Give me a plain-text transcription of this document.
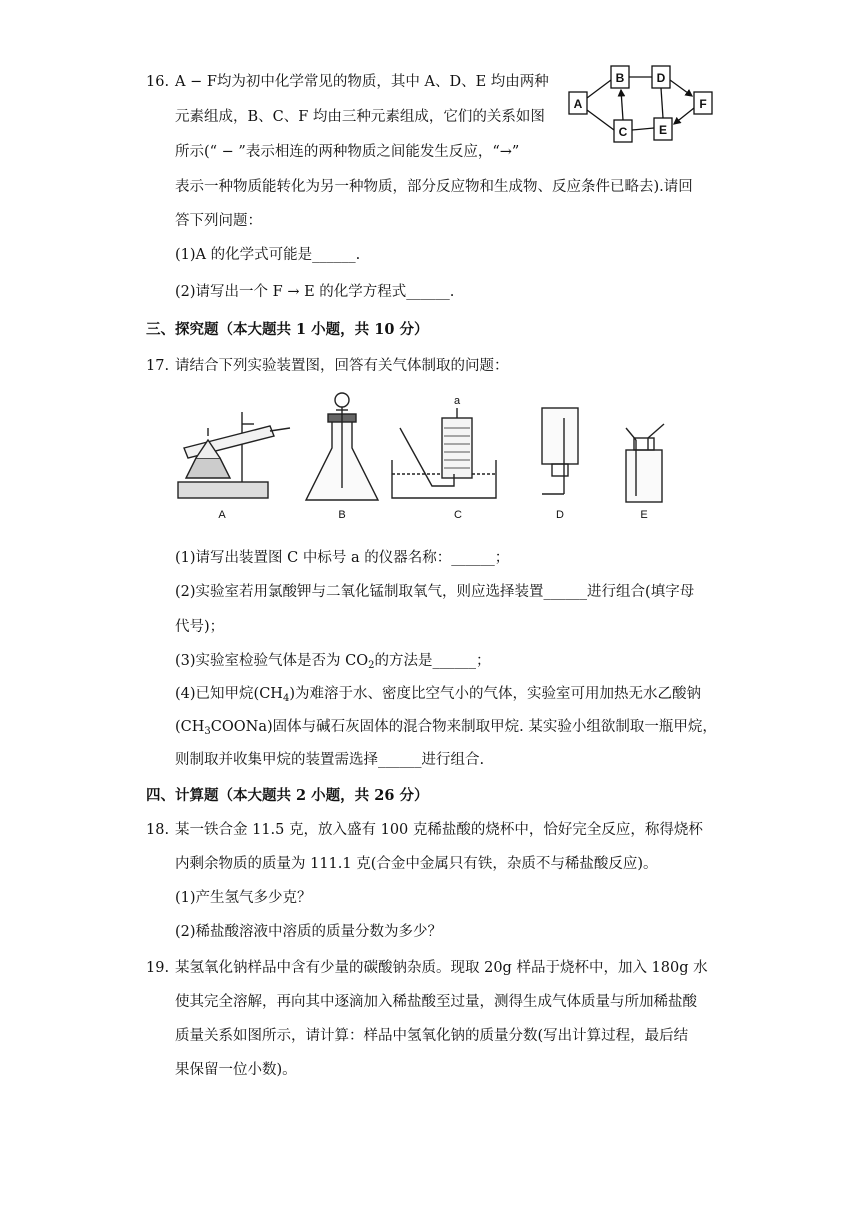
16. A − F均为初中化学常见的物质，其中 A、D、E 均由两种
元素组成，B、C、F 均由三种元素组成，它们的关系如图
所示(“ − ”表示相连的两种物质之间能发生反应，“→”
表示一种物质能转化为另一种物质，部分反应物和生成物、反应条件已略去).请回
答下列问题：
(1)A 的化学式可能是______.
(2)请写出一个 F → E 的化学方程式______.
A
B
C
D
E
F
三、探究题（本大题共 1 小题，共 10 分）
17. 请结合下列实验装置图，回答有关气体制取的问题：
A	B	C	D	E
a
(1)请写出装置图 C 中标号 a 的仪器名称：______；
(2)实验室若用氯酸钾与二氧化锰制取氧气，则应选择装置______进行组合(填字母
代号)；
(3)实验室检验气体是否为 $CO_2$的方法是______；
(4)已知甲烷$(CH_4)$为难溶于水、密度比空气小的气体，实验室可用加热无水乙酸钠
$(CH_3COONa)$固体与碱石灰固体的混合物来制取甲烷. 某实验小组欲制取一瓶甲烷，
则制取并收集甲烷的装置需选择______进行组合.
四、计算题（本大题共 2 小题，共 26 分）
18. 某一铁合金 11.5 克，放入盛有 100 克稀盐酸的烧杯中，恰好完全反应，称得烧杯
内剩余物质的质量为 111.1 克(合金中金属只有铁，杂质不与稀盐酸反应)。
(1)产生氢气多少克？
(2)稀盐酸溶液中溶质的质量分数为多少？
19. 某氢氧化钠样品中含有少量的碳酸钠杂质。现取 20g 样品于烧杯中，加入 180g 水
使其完全溶解，再向其中逐滴加入稀盐酸至过量，测得生成气体质量与所加稀盐酸
质量关系如图所示，请计算：样品中氢氧化钠的质量分数(写出计算过程，最后结
果保留一位小数)。
